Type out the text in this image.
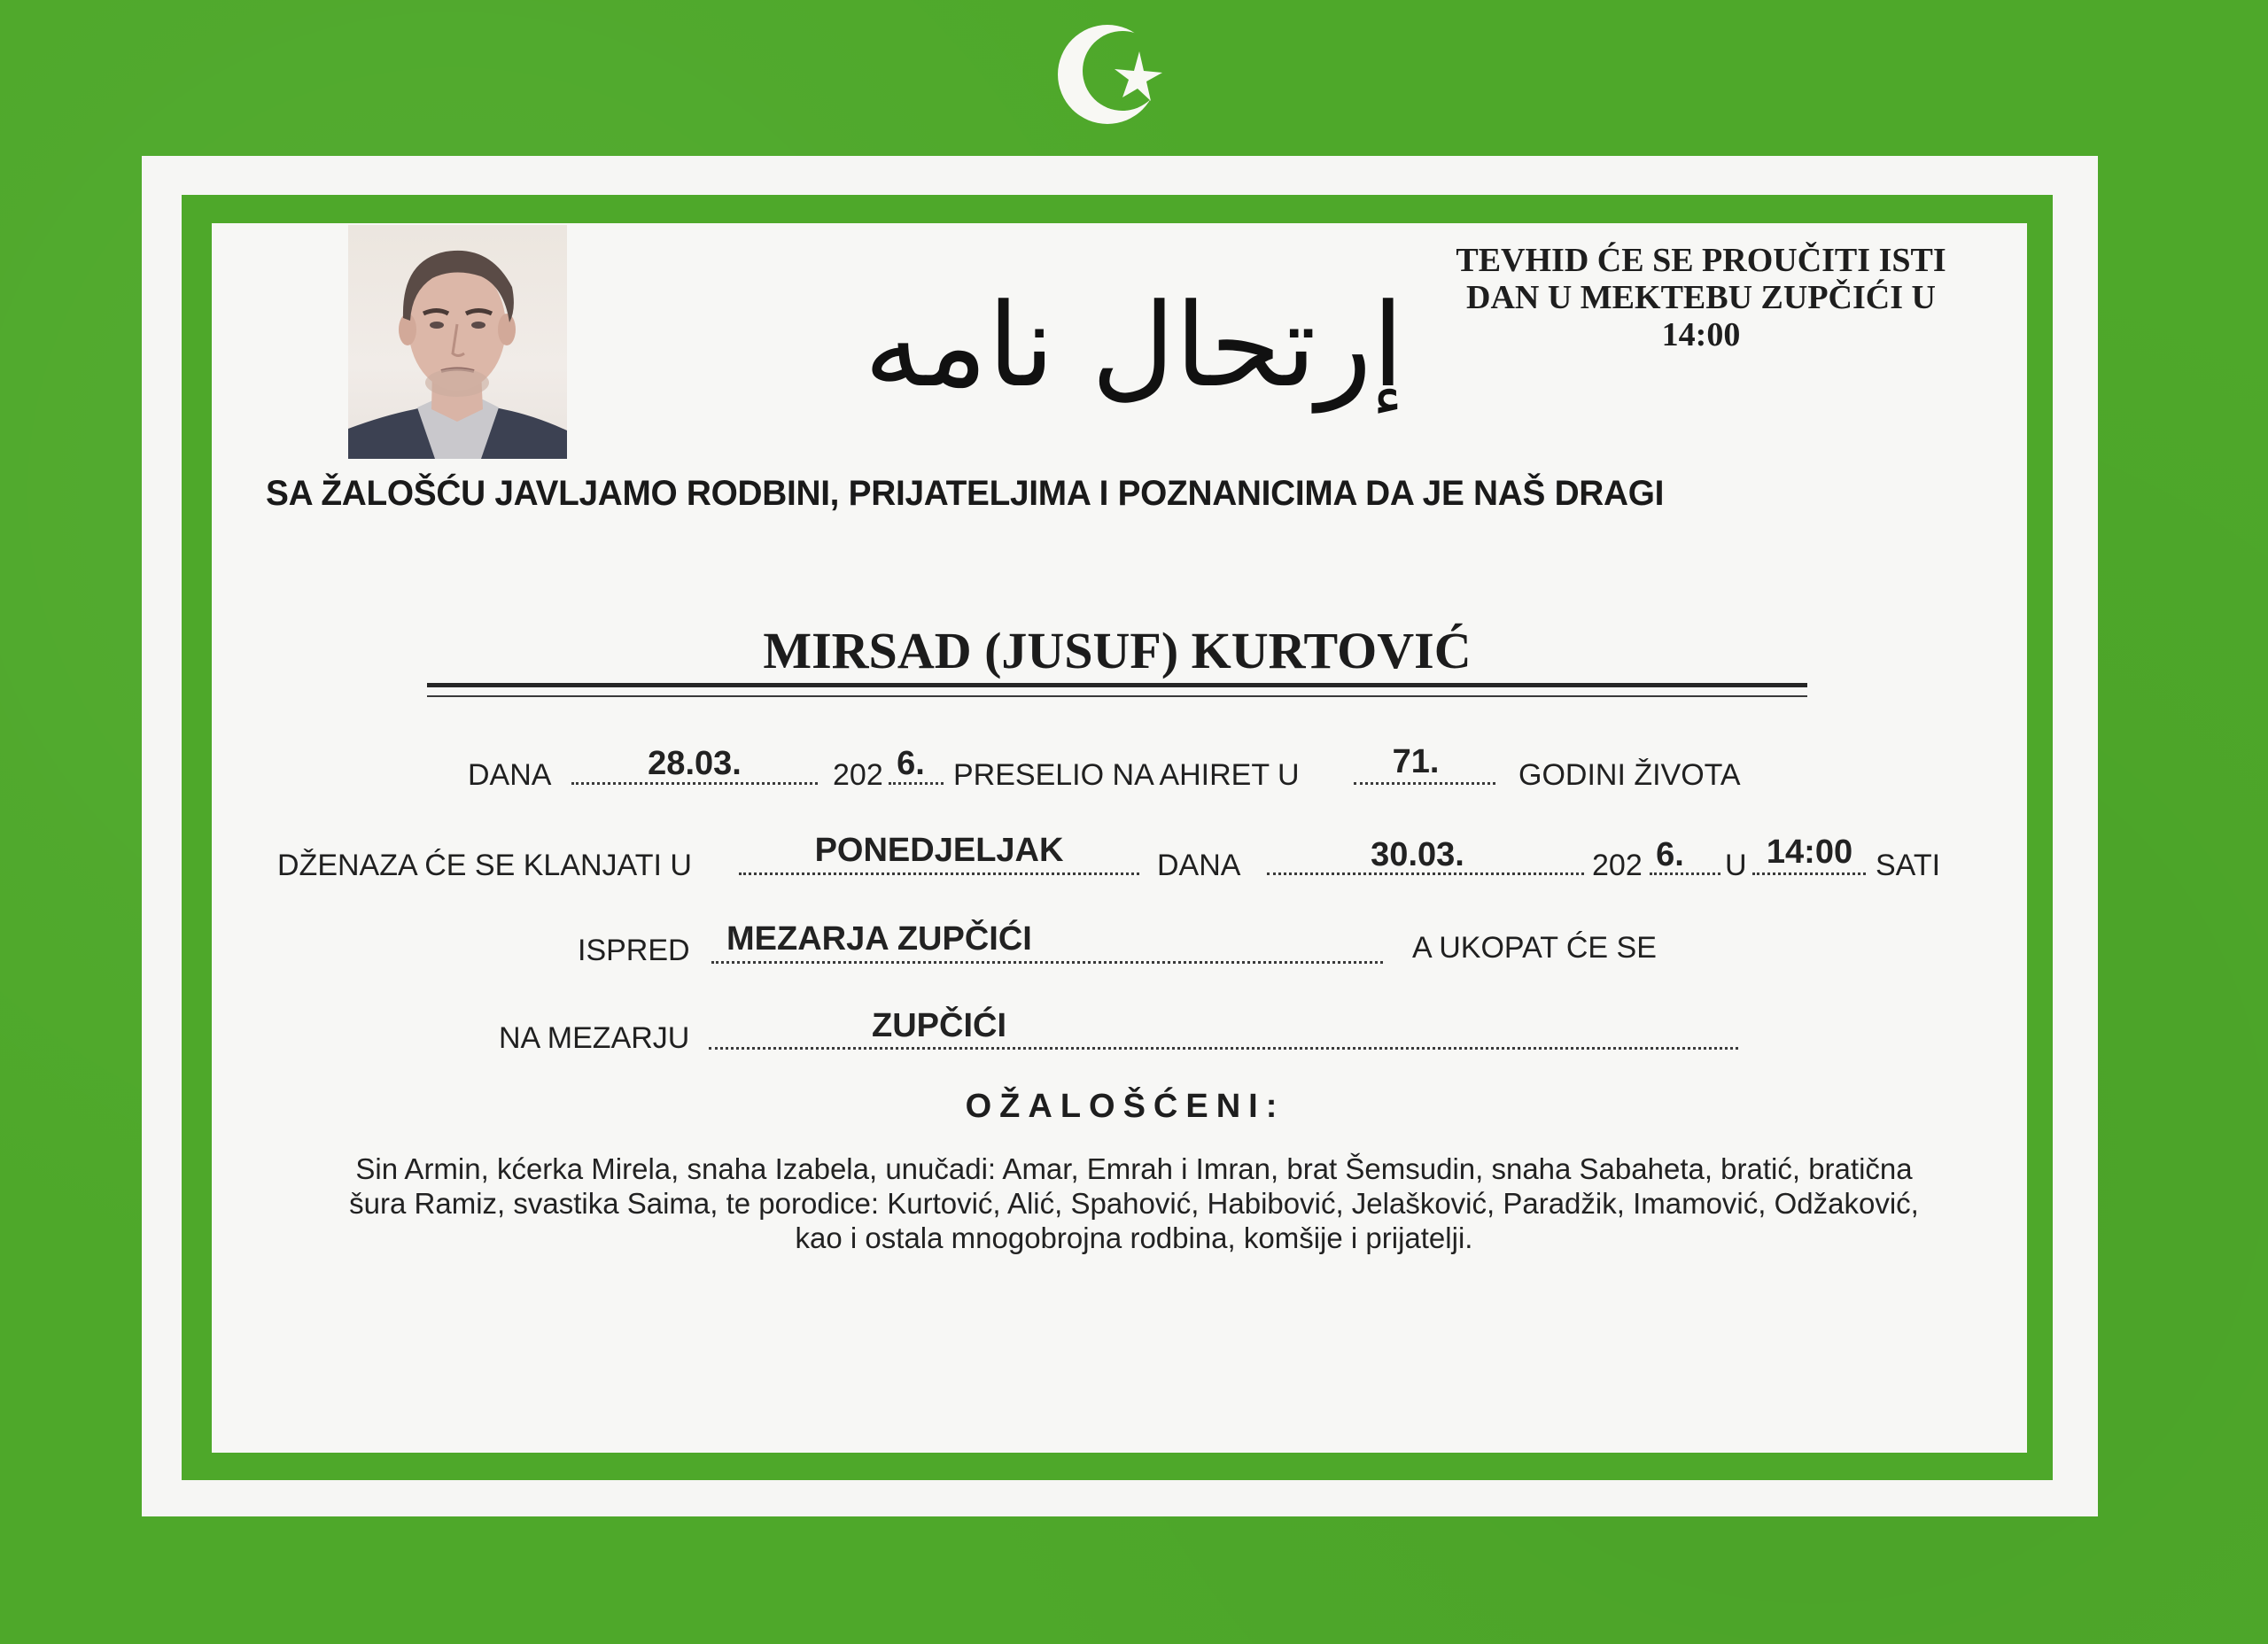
إرتحال نامه
TEVHID ĆE SE PROUČITI ISTI
DAN U MEKTEBU ZUPČIĆI U
14:00
SA ŽALOŠĆU JAVLJAMO RODBINI, PRIJATELJIMA I POZNANICIMA DA JE NAŠ DRAGI
MIRSAD (JUSUF) KURTOVIĆ
DANA	28.03.	202 6. PRESELIO NA AHIRET U	71.	GODINI ŽIVOTA
DŽENAZA ĆE SE KLANJATI U	PONEDJELJAK	DANA	30.03.	202 6. U 14:00 SATI
ISPRED MEZARJA ZUPČIĆI	A UKOPAT ĆE SE
NA MEZARJU	ZUPČIĆI
OŽALOŠĆENI:
Sin Armin, kćerka Mirela, snaha Izabela, unučadi: Amar, Emrah i Imran, brat Šemsudin, snaha Sabaheta, bratić, bratična
šura Ramiz, svastika Saima, te porodice: Kurtović, Alić, Spahović, Habibović, Jelašković, Paradžik, Imamović, Odžaković,
kao i ostala mnogobrojna rodbina, komšije i prijatelji.
